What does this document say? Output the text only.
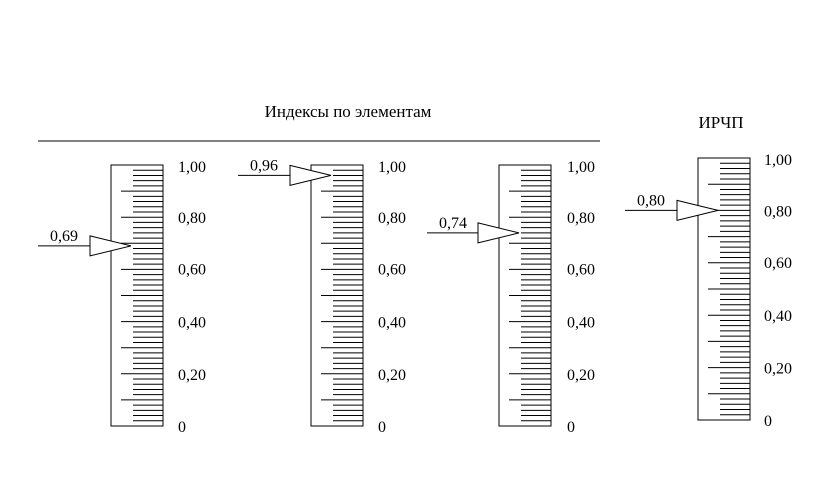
Индексы по элементам
ИРЧП
1,00
0,80
0,60
0,40
0,20
0
0,69
1,00
0,80
0,60
0,40
0,20
0
0,96	1,00
0,80
0,60
0,40
0,20
0
0,74
1,00
0,80
0,60
0,40
0,20
0
0,80
